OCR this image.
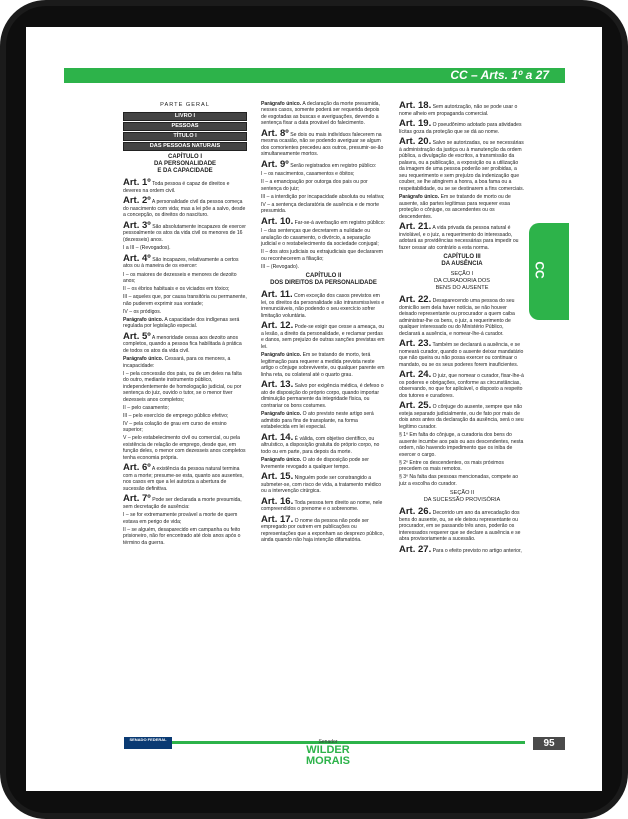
CC – Arts. 1º a 27
CC
PARTE GERAL
LIVRO I
PESSOAS
TÍTULO I
DAS PESSOAS NATURAIS
CAPÍTULO I
DA PERSONALIDADE
E DA CAPACIDADE
Art. 1º Toda pessoa é capaz de direitos e deveres na ordem civil.
Art. 2º A personalidade civil da pessoa começa do nascimento com vida; mas a lei põe a salvo, desde a concepção, os direitos do nascituro.
Art. 3º São absolutamente incapazes de exercer pessoalmente os atos da vida civil os menores de 16 (dezesseis) anos.
I a III – (Revogados).
Art. 4º São incapazes, relativamente a certos atos ou à maneira de os exercer:
I – os maiores de dezesseis e menores de dezoito anos;
II – os ébrios habituais e os viciados em tóxico;
III – aqueles que, por causa transitória ou permanente, não puderem exprimir sua vontade;
IV – os pródigos.
Parágrafo único. A capacidade dos indígenas será regulada por legislação especial.
Art. 5º A menoridade cessa aos dezoito anos completos, quando a pessoa fica habilitada à prática de todos os atos da vida civil.
Parágrafo único. Cessará, para os menores, a incapacidade:
I – pela concessão dos pais, ou de um deles na falta do outro, mediante instrumento público, independentemente de homologação judicial, ou por sentença do juiz, ouvido o tutor, se o menor tiver dezesseis anos completos;
II – pelo casamento;
III – pelo exercício de emprego público efetivo;
IV – pela colação de grau em curso de ensino superior;
V – pelo estabelecimento civil ou comercial, ou pela existência de relação de emprego, desde que, em função deles, o menor com dezesseis anos completos tenha economia própria.
Art. 6º A existência da pessoa natural termina com a morte; presume-se esta, quanto aos ausentes, nos casos em que a lei autoriza a abertura de sucessão definitiva.
Art. 7º Pode ser declarada a morte presumida, sem decretação de ausência:
I – se for extremamente provável a morte de quem estava em perigo de vida;
II – se alguém, desaparecido em campanha ou feito prisioneiro, não for encontrado até dois anos após o término da guerra.
Parágrafo único. A declaração da morte presumida, nesses casos, somente poderá ser requerida depois de esgotadas as buscas e averiguações, devendo a sentença fixar a data provável do falecimento.
Art. 8º Se dois ou mais indivíduos falecerem na mesma ocasião, não se podendo averiguar se algum dos comorientes precedeu aos outros, presumir-se-ão simultaneamente mortos.
Art. 9º Serão registrados em registro público:
I – os nascimentos, casamentos e óbitos;
II – a emancipação por outorga dos pais ou por sentença do juiz;
III – a interdição por incapacidade absoluta ou relativa;
IV – a sentença declaratória de ausência e de morte presumida.
Art. 10. Far-se-á averbação em registro público:
I – das sentenças que decretarem a nulidade ou anulação do casamento, o divórcio, a separação judicial e o restabelecimento da sociedade conjugal;
II – dos atos judiciais ou extrajudiciais que declararem ou reconhecerem a filiação;
III – (Revogado).
CAPÍTULO II
DOS DIREITOS DA PERSONALIDADE
Art. 11. Com exceção dos casos previstos em lei, os direitos da personalidade são intransmissíveis e irrenunciáveis, não podendo o seu exercício sofrer limitação voluntária.
Art. 12. Pode-se exigir que cesse a ameaça, ou a lesão, a direito da personalidade, e reclamar perdas e danos, sem prejuízo de outras sanções previstas em lei.
Parágrafo único. Em se tratando de morto, terá legitimação para requerer a medida prevista neste artigo o cônjuge sobrevivente, ou qualquer parente em linha reta, ou colateral até o quarto grau.
Art. 13. Salvo por exigência médica, é defeso o ato de disposição do próprio corpo, quando importar diminuição permanente da integridade física, ou contrariar os bons costumes.
Parágrafo único. O ato previsto neste artigo será admitido para fins de transplante, na forma estabelecida em lei especial.
Art. 14. É válida, com objetivo científico, ou altruístico, a disposição gratuita do próprio corpo, no todo ou em parte, para depois da morte.
Parágrafo único. O ato de disposição pode ser livremente revogado a qualquer tempo.
Art. 15. Ninguém pode ser constrangido a submeter-se, com risco de vida, a tratamento médico ou a intervenção cirúrgica.
Art. 16. Toda pessoa tem direito ao nome, nele compreendidos o prenome e o sobrenome.
Art. 17. O nome da pessoa não pode ser empregado por outrem em publicações ou representações que a exponham ao desprezo público, ainda quando não haja intenção difamatória.
Art. 18. Sem autorização, não se pode usar o nome alheio em propaganda comercial.
Art. 19. O pseudônimo adotado para atividades lícitas goza da proteção que se dá ao nome.
Art. 20. Salvo se autorizadas, ou se necessárias à administração da justiça ou à manutenção da ordem pública, a divulgação de escritos, a transmissão da palavra, ou a publicação, a exposição ou a utilização da imagem de uma pessoa poderão ser proibidas, a seu requerimento e sem prejuízo da indenização que couber, se lhe atingirem a honra, a boa fama ou a respeitabilidade, ou se se destinarem a fins comerciais.
Parágrafo único. Em se tratando de morto ou de ausente, são partes legítimas para requerer essa proteção o cônjuge, os ascendentes ou os descendentes.
Art. 21. A vida privada da pessoa natural é inviolável, e o juiz, a requerimento do interessado, adotará as providências necessárias para impedir ou fazer cessar ato contrário a esta norma.
CAPÍTULO III
DA AUSÊNCIA
SEÇÃO I
DA CURADORIA DOS
BENS DO AUSENTE
Art. 22. Desaparecendo uma pessoa do seu domicílio sem dela haver notícia, se não houver deixado representante ou procurador a quem caiba administrar-lhe os bens, o juiz, a requerimento de qualquer interessado ou do Ministério Público, declarará a ausência, e nomear-lhe-á curador.
Art. 23. Também se declarará a ausência, e se nomeará curador, quando o ausente deixar mandatário que não queira ou não possa exercer ou continuar o mandato, ou se os seus poderes forem insuficientes.
Art. 24. O juiz, que nomear o curador, fixar-lhe-á os poderes e obrigações, conforme as circunstâncias, observando, no que for aplicável, o disposto a respeito dos tutores e curadores.
Art. 25. O cônjuge do ausente, sempre que não esteja separado judicialmente, ou de fato por mais de dois anos antes da declaração da ausência, será o seu legítimo curador.
§ 1º Em falta do cônjuge, a curadoria dos bens do ausente incumbe aos pais ou aos descendentes, nesta ordem, não havendo impedimento que os iniba de exercer o cargo.
§ 2º Entre os descendentes, os mais próximos precedem os mais remotos.
§ 3º Na falta das pessoas mencionadas, compete ao juiz a escolha do curador.
SEÇÃO II
DA SUCESSÃO PROVISÓRIA
Art. 26. Decorrido um ano da arrecadação dos bens do ausente, ou, se ele deixou representante ou procurador, em se passando três anos, poderão os interessados requerer que se declare a ausência e se abra provisoriamente a sucessão.
Art. 27. Para o efeito previsto no artigo anterior,
SENADO FEDERAL	Senador
WILDER
MORAIS
95
